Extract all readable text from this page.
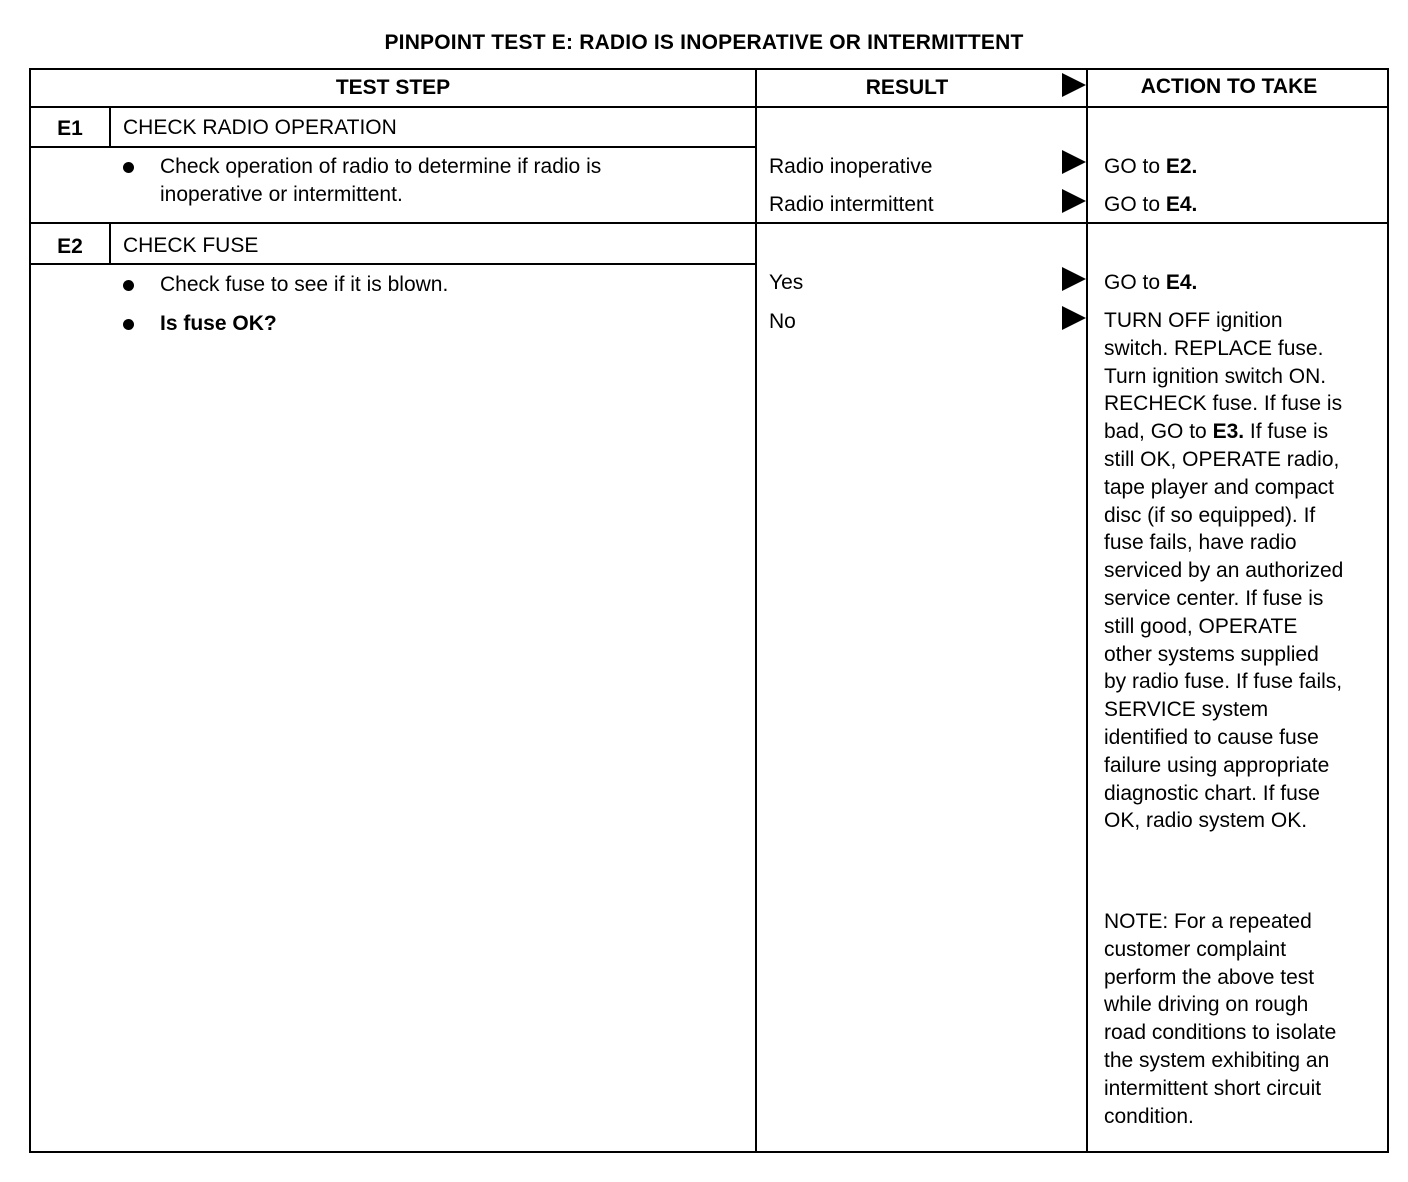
PINPOINT TEST E: RADIO IS INOPERATIVE OR INTERMITTENT
TEST STEP	RESULT	ACTION TO TAKE
E1	CHECK RADIO OPERATION
Check operation of radio to determine if radio is
inoperative or intermittent.
Radio inoperative	GO to E2.
Radio intermittent	GO to E4.
E2	CHECK FUSE
Check fuse to see if it is blown.
Is fuse OK?
Yes	GO to E4.
No	TURN OFF ignition
switch. REPLACE fuse.
Turn ignition switch ON.
RECHECK fuse. If fuse is
bad, GO to E3. If fuse is
still OK, OPERATE radio,
tape player and compact
disc (if so equipped). If
fuse fails, have radio
serviced by an authorized
service center. If fuse is
still good, OPERATE
other systems supplied
by radio fuse. If fuse fails,
SERVICE system
identified to cause fuse
failure using appropriate
diagnostic chart. If fuse
OK, radio system OK.
NOTE: For a repeated
customer complaint
perform the above test
while driving on rough
road conditions to isolate
the system exhibiting an
intermittent short circuit
condition.
